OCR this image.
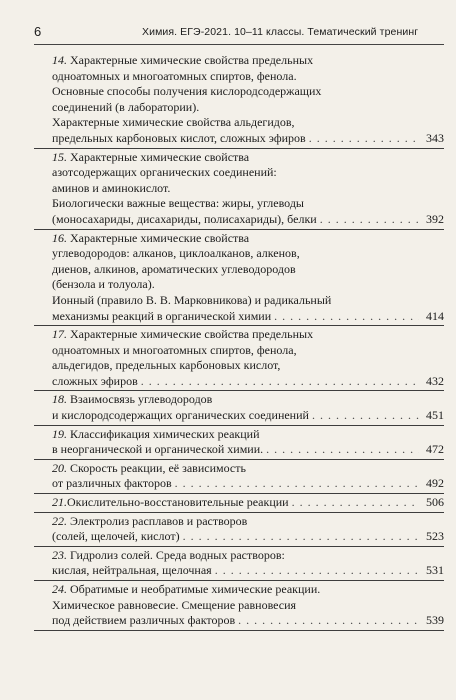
6	Химия. ЕГЭ-2021. 10–11 классы. Тематический тренинг
14. Характерные химические свойства предельных
одноатомных и многоатомных спиртов, фенола.
Основные способы получения кислородсодержащих
соединений (в лаборатории).
Характерные химические свойства альдегидов,
предельных карбоновых кислот, сложных эфиров . . .	343
15. Характерные химические свойства
азотсодержащих органических соединений:
аминов и аминокислот.
Биологически важные вещества: жиры, углеводы
(моносахариды, дисахариды, полисахариды), белки . . .	392
16. Характерные химические свойства
углеводородов: алканов, циклоалканов, алкенов,
диенов, алкинов, ароматических углеводородов
(бензола и толуола).
Ионный (правило В. В. Марковникова) и радикальный
механизмы реакций в органической химии . . .	414
17. Характерные химические свойства предельных
одноатомных и многоатомных спиртов, фенола,
альдегидов, предельных карбоновых кислот,
сложных эфиров . . .	432
18. Взаимосвязь углеводородов
и кислородсодержащих органических соединений . . .	451
19. Классификация химических реакций
в неорганической и органической химии. . . .	472
20. Скорость реакции, её зависимость
от различных факторов . . .	492
21. Окислительно-восстановительные реакции . . .	506
22. Электролиз расплавов и растворов
(солей, щелочей, кислот) . . .	523
23. Гидролиз солей. Среда водных растворов:
кислая, нейтральная, щелочная . . .	531
24. Обратимые и необратимые химические реакции.
Химическое равновесие. Смещение равновесия
под действием различных факторов . . .	539
